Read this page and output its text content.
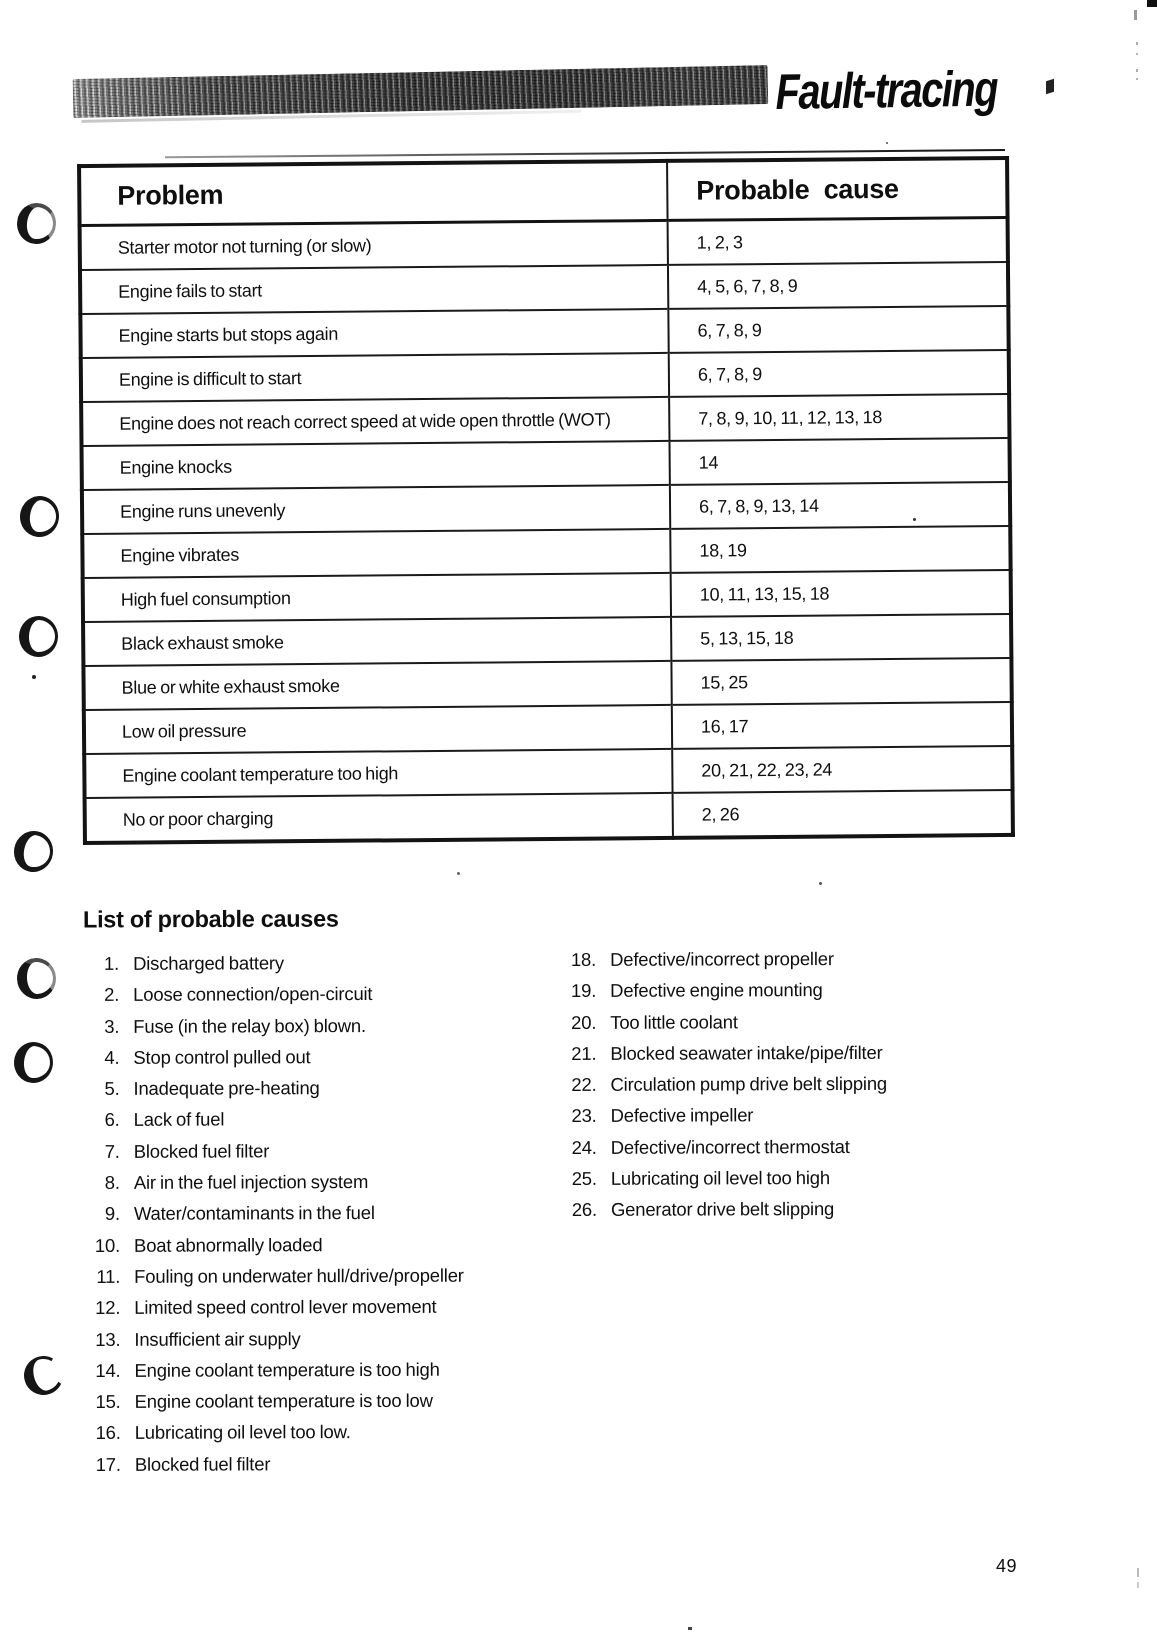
Fault-tracing
Problem	Probable cause
Starter motor not turning (or slow)	1, 2, 3
Engine fails to start	4, 5, 6, 7, 8, 9
Engine starts but stops again	6, 7, 8, 9
Engine is difficult to start	6, 7, 8, 9
Engine does not reach correct speed at wide open throttle (WOT)	7, 8, 9, 10, 11, 12, 13, 18
Engine knocks	14
Engine runs unevenly	6, 7, 8, 9, 13, 14
Engine vibrates	18, 19
High fuel consumption	10, 11, 13, 15, 18
Black exhaust smoke	5, 13, 15, 18
Blue or white exhaust smoke	15, 25
Low oil pressure	16, 17
Engine coolant temperature too high	20, 21, 22, 23, 24
No or poor charging	2, 26
List of probable causes
1. Discharged battery
2. Loose connection/open-circuit
3. Fuse (in the relay box) blown.
4. Stop control pulled out
5. Inadequate pre-heating
6. Lack of fuel
7. Blocked fuel filter
8. Air in the fuel injection system
9. Water/contaminants in the fuel
10. Boat abnormally loaded
11. Fouling on underwater hull/drive/propeller
12. Limited speed control lever movement
13. Insufficient air supply
14. Engine coolant temperature is too high
15. Engine coolant temperature is too low
16. Lubricating oil level too low.
17. Blocked fuel filter
18. Defective/incorrect propeller
19. Defective engine mounting
20. Too little coolant
21. Blocked seawater intake/pipe/filter
22. Circulation pump drive belt slipping
23. Defective impeller
24. Defective/incorrect thermostat
25. Lubricating oil level too high
26. Generator drive belt slipping
49
